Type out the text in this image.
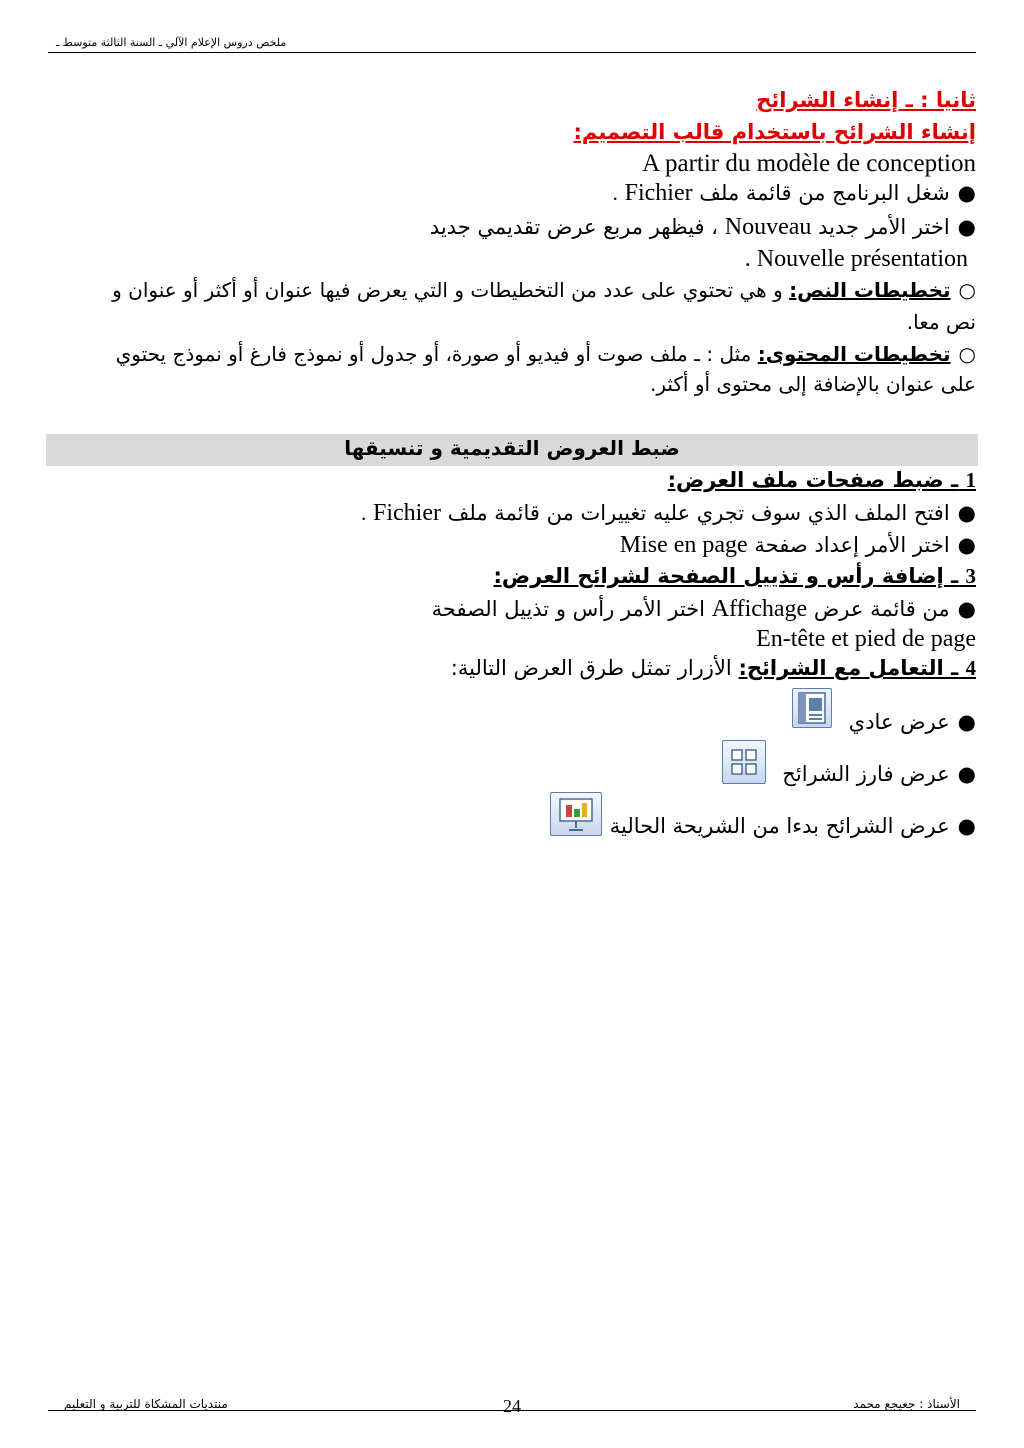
ملخص دروس الإعلام الآلي ـ السنة الثالثة متوسط ـ
ثانيا : ـ إنشاء الشرائح
إنشاء الشرائح باستخدام قالب التصميم:
A partir du modèle de conception
●شغل البرنامج من قائمة ملف Fichier .
●اختر الأمر جديد Nouveau ، فيظهر مربع عرض تقديمي جديد
. Nouvelle présentation
○تخطيطات النص: و هي تحتوي على عدد من التخطيطات و التي يعرض فيها عنوان أو أكثر أو عنوان و
نص معا.
○تخطيطات المحتوى: مثل : ـ ملف صوت أو فيديو أو صورة، أو جدول أو نموذج فارغ أو نموذج يحتوي
على عنوان بالإضافة إلى محتوى أو أكثر.
ضبط العروض التقديمية و تنسيقها
1 ـ ضبط صفحات ملف العرض:
●افتح الملف الذي سوف تجري عليه تغييرات من قائمة ملف Fichier .
●اختر الأمر إعداد صفحة Mise en page
3 ـ إضافة رأس و تذييل الصفحة لشرائح العرض:
●من قائمة عرض Affichage اختر الأمر رأس و تذييل الصفحة
En-tête et pied de page
4 ـ التعامل مع الشرائح: الأزرار تمثل طرق العرض التالية:
●عرض عادي
●عرض فارز الشرائح
●عرض الشرائح بدءا من الشريحة الحالية
الأستاذ : جعيجع محمد
24
منتديات المشكاة للتربية و التعليم
